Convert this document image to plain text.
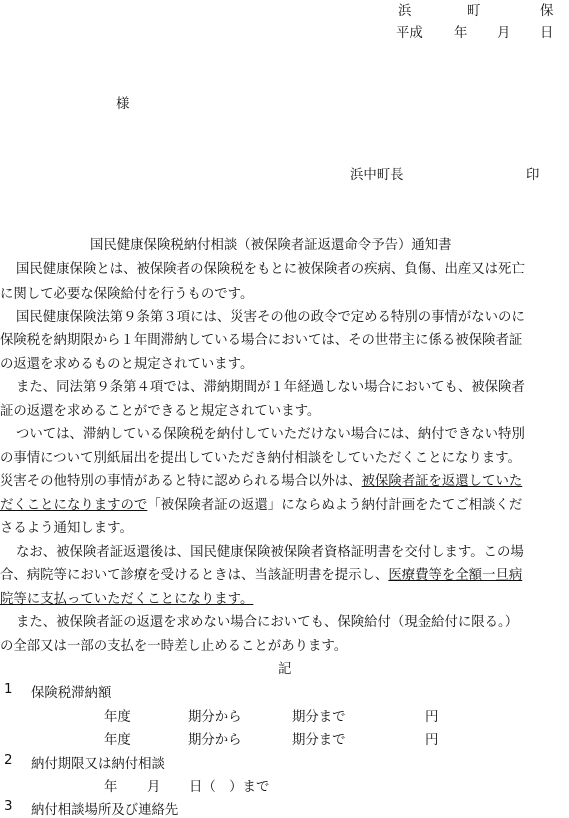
浜	町	保
平成 年 月 日
様
浜中町長	印
国民健康保険税納付相談（被保険者証返還命令予告）通知書
国民健康保険とは、被保険者の保険税をもとに被保険者の疾病、負傷、出産又は死亡
に関して必要な保険給付を行うものです。
国民健康保険法第９条第３項には、災害その他の政令で定める特別の事情がないのに
保険税を納期限から１年間滞納している場合においては、その世帯主に係る被保険者証
の返還を求めるものと規定されています。
また、同法第９条第４項では、滞納期間が１年経過しない場合においても、被保険者
証の返還を求めることができると規定されています。
ついては、滞納している保険税を納付していただけない場合には、納付できない特別
の事情について別紙届出を提出していただき納付相談をしていただくことになります。
災害その他特別の事情があると特に認められる場合以外は、被保険者証を返還していた
だくことになりますので「被保険者証の返還」にならぬよう納付計画をたてご相談くだ
さるよう通知します。
なお、被保険者証返還後は、国民健康保険被保険者資格証明書を交付します。この場
合、病院等において診療を受けるときは、当該証明書を提示し、医療費等を全額一旦病
院等に支払っていただくことになります。
また、被保険者証の返還を求めない場合においても、保険給付（現金給付に限る。）
の全部又は一部の支払を一時差し止めることがあります。
記
1 保険税滞納額
年度	期分から	期分まで	円
年度	期分から	期分まで	円
2 納付期限又は納付相談
年 月 日（　）まで
3 納付相談場所及び連絡先
